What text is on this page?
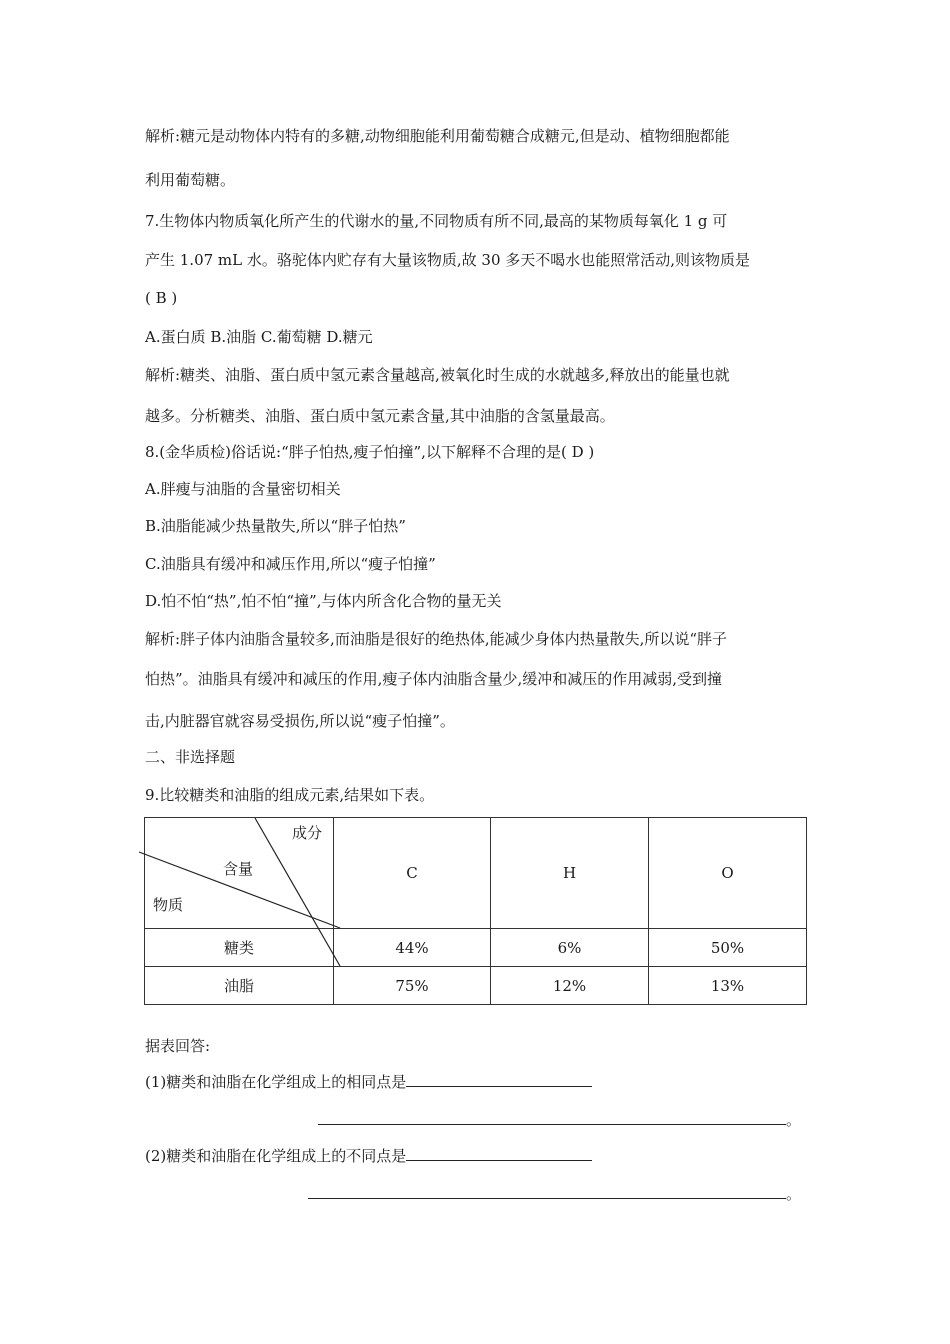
解析:糖元是动物体内特有的多糖,动物细胞能利用葡萄糖合成糖元,但是动、植物细胞都能
利用葡萄糖。
7.生物体内物质氧化所产生的代谢水的量,不同物质有所不同,最高的某物质每氧化 1 g 可
产生 1.07 mL 水。骆驼体内贮存有大量该物质,故 30 多天不喝水也能照常活动,则该物质是
( B )
A.蛋白质 B.油脂 C.葡萄糖 D.糖元
解析:糖类、油脂、蛋白质中氢元素含量越高,被氧化时生成的水就越多,释放出的能量也就
越多。分析糖类、油脂、蛋白质中氢元素含量,其中油脂的含氢量最高。
8.(金华质检)俗话说:“胖子怕热,瘦子怕撞”,以下解释不合理的是( D )
A.胖瘦与油脂的含量密切相关
B.油脂能减少热量散失,所以“胖子怕热”
C.油脂具有缓冲和减压作用,所以“瘦子怕撞”
D.怕不怕“热”,怕不怕“撞”,与体内所含化合物的量无关
解析:胖子体内油脂含量较多,而油脂是很好的绝热体,能减少身体内热量散失,所以说“胖子
怕热”。油脂具有缓冲和减压的作用,瘦子体内油脂含量少,缓冲和减压的作用减弱,受到撞
击,内脏器官就容易受损伤,所以说“瘦子怕撞”。
二、非选择题
9.比较糖类和油脂的组成元素,结果如下表。
成分
含量
物质	C	H	O
糖类	44%	6%	50%
油脂	75%	12%	13%
据表回答:
(1)糖类和油脂在化学组成上的相同点是
。
(2)糖类和油脂在化学组成上的不同点是
。
